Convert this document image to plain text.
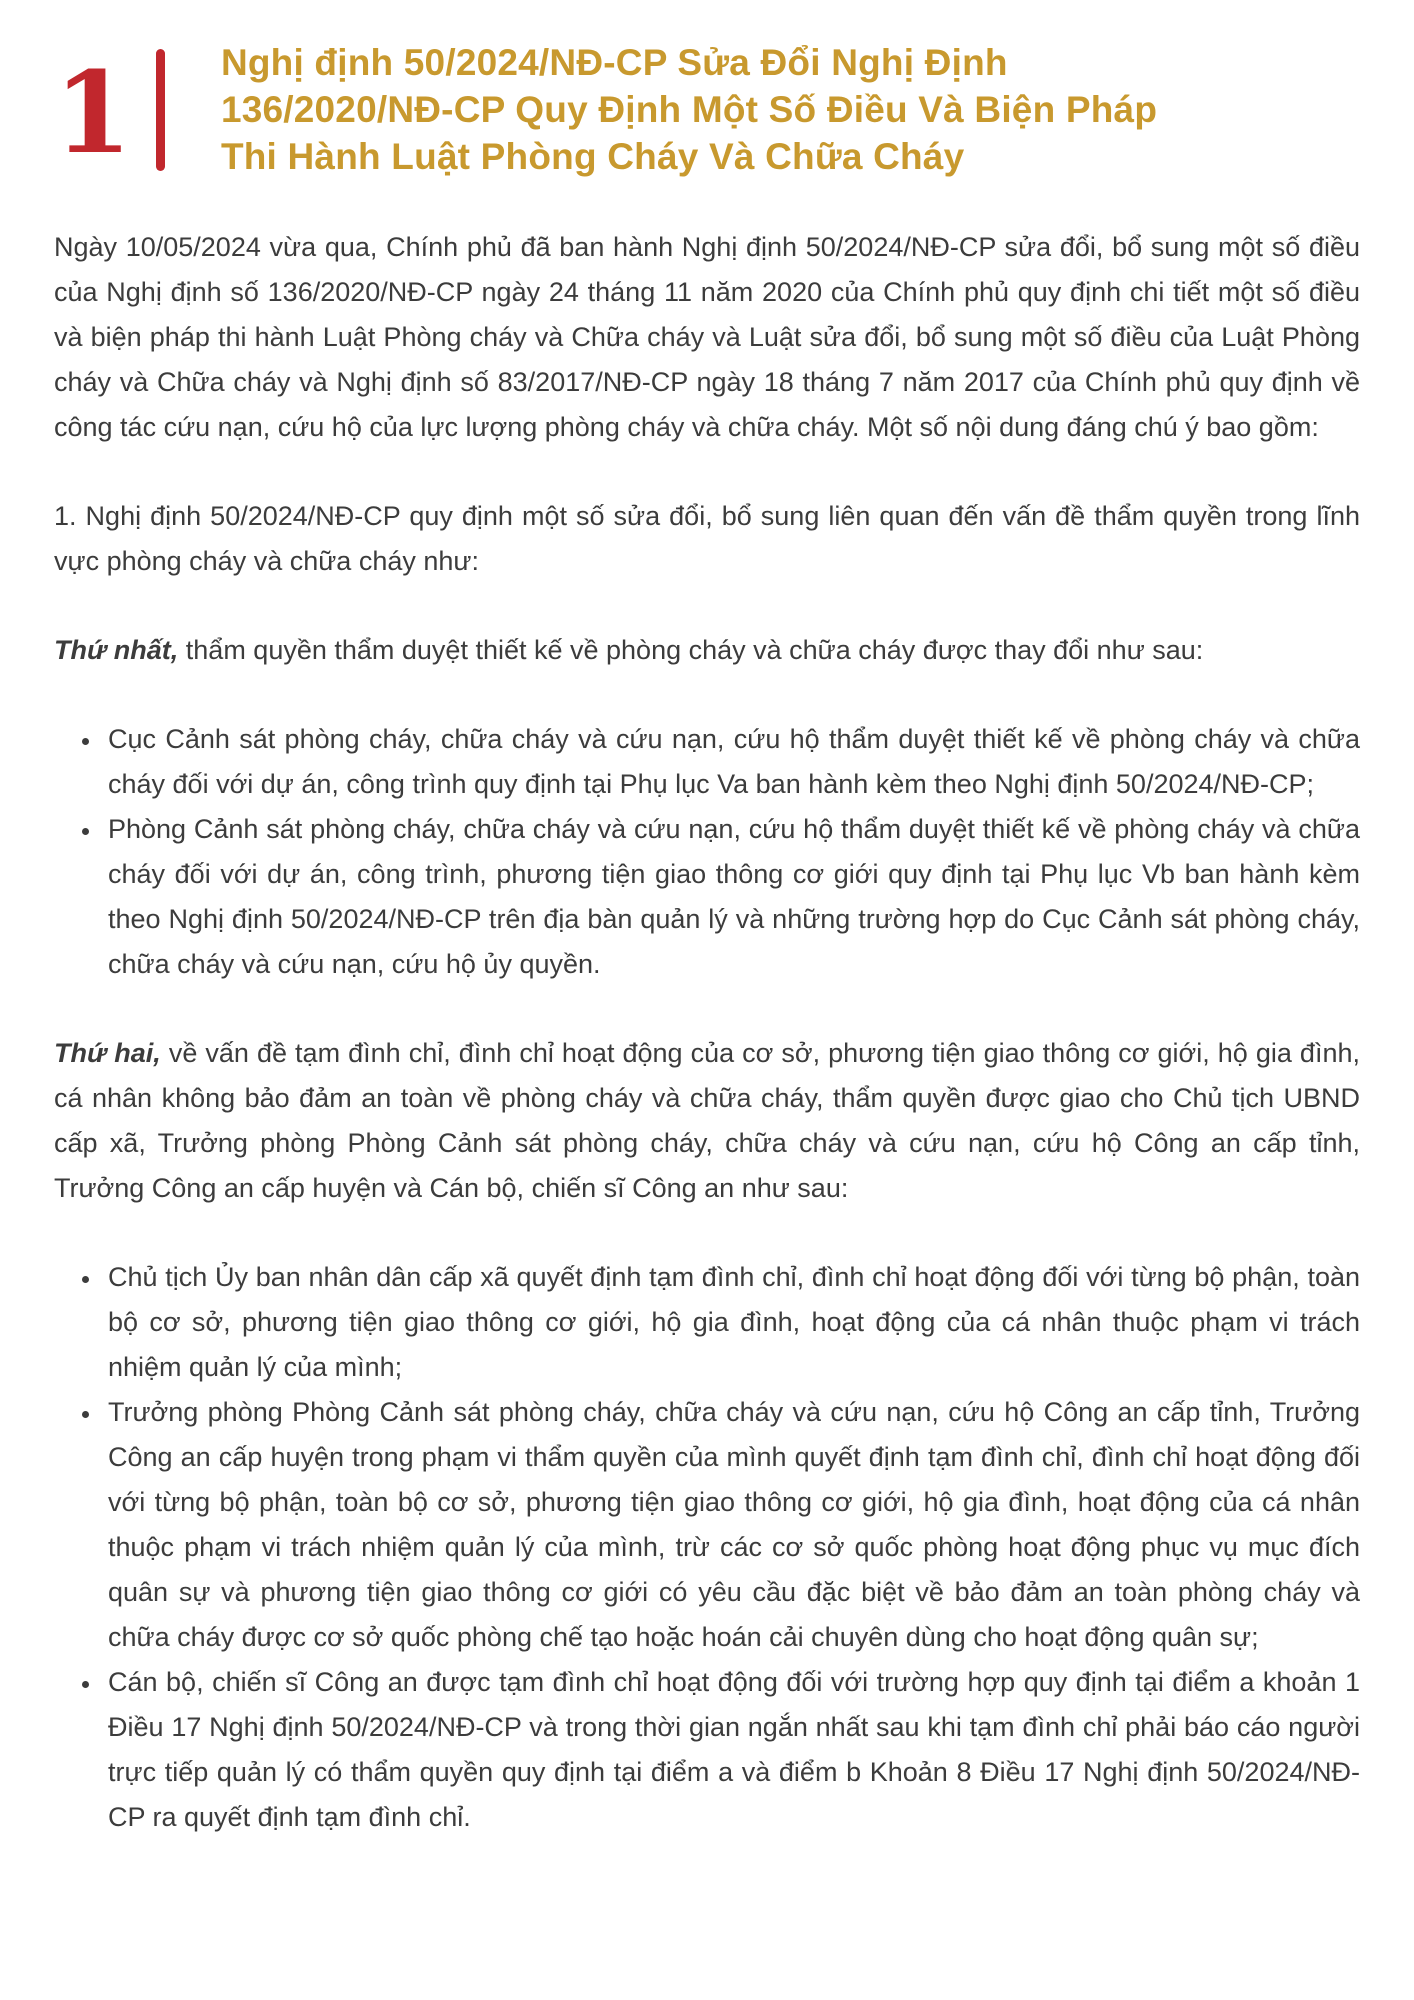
1 Nghị định 50/2024/NĐ-CP Sửa Đổi Nghị Định 136/2020/NĐ-CP Quy Định Một Số Điều Và Biện Pháp Thi Hành Luật Phòng Cháy Và Chữa Cháy

Ngày 10/05/2024 vừa qua, Chính phủ đã ban hành Nghị định 50/2024/NĐ-CP sửa đổi, bổ sung một số điều của Nghị định số 136/2020/NĐ-CP ngày 24 tháng 11 năm 2020 của Chính phủ quy định chi tiết một số điều và biện pháp thi hành Luật Phòng cháy và Chữa cháy và Luật sửa đổi, bổ sung một số điều của Luật Phòng cháy và Chữa cháy và Nghị định số 83/2017/NĐ-CP ngày 18 tháng 7 năm 2017 của Chính phủ quy định về công tác cứu nạn, cứu hộ của lực lượng phòng cháy và chữa cháy. Một số nội dung đáng chú ý bao gồm:

1. Nghị định 50/2024/NĐ-CP quy định một số sửa đổi, bổ sung liên quan đến vấn đề thẩm quyền trong lĩnh vực phòng cháy và chữa cháy như:

Thứ nhất, thẩm quyền thẩm duyệt thiết kế về phòng cháy và chữa cháy được thay đổi như sau:

• Cục Cảnh sát phòng cháy, chữa cháy và cứu nạn, cứu hộ thẩm duyệt thiết kế về phòng cháy và chữa cháy đối với dự án, công trình quy định tại Phụ lục Va ban hành kèm theo Nghị định 50/2024/NĐ-CP;
• Phòng Cảnh sát phòng cháy, chữa cháy và cứu nạn, cứu hộ thẩm duyệt thiết kế về phòng cháy và chữa cháy đối với dự án, công trình, phương tiện giao thông cơ giới quy định tại Phụ lục Vb ban hành kèm theo Nghị định 50/2024/NĐ-CP trên địa bàn quản lý và những trường hợp do Cục Cảnh sát phòng cháy, chữa cháy và cứu nạn, cứu hộ ủy quyền.

Thứ hai, về vấn đề tạm đình chỉ, đình chỉ hoạt động của cơ sở, phương tiện giao thông cơ giới, hộ gia đình, cá nhân không bảo đảm an toàn về phòng cháy và chữa cháy, thẩm quyền được giao cho Chủ tịch UBND cấp xã, Trưởng phòng Phòng Cảnh sát phòng cháy, chữa cháy và cứu nạn, cứu hộ Công an cấp tỉnh, Trưởng Công an cấp huyện và Cán bộ, chiến sĩ Công an như sau:

• Chủ tịch Ủy ban nhân dân cấp xã quyết định tạm đình chỉ, đình chỉ hoạt động đối với từng bộ phận, toàn bộ cơ sở, phương tiện giao thông cơ giới, hộ gia đình, hoạt động của cá nhân thuộc phạm vi trách nhiệm quản lý của mình;
• Trưởng phòng Phòng Cảnh sát phòng cháy, chữa cháy và cứu nạn, cứu hộ Công an cấp tỉnh, Trưởng Công an cấp huyện trong phạm vi thẩm quyền của mình quyết định tạm đình chỉ, đình chỉ hoạt động đối với từng bộ phận, toàn bộ cơ sở, phương tiện giao thông cơ giới, hộ gia đình, hoạt động của cá nhân thuộc phạm vi trách nhiệm quản lý của mình, trừ các cơ sở quốc phòng hoạt động phục vụ mục đích quân sự và phương tiện giao thông cơ giới có yêu cầu đặc biệt về bảo đảm an toàn phòng cháy và chữa cháy được cơ sở quốc phòng chế tạo hoặc hoán cải chuyên dùng cho hoạt động quân sự;
• Cán bộ, chiến sĩ Công an được tạm đình chỉ hoạt động đối với trường hợp quy định tại điểm a khoản 1 Điều 17 Nghị định 50/2024/NĐ-CP và trong thời gian ngắn nhất sau khi tạm đình chỉ phải báo cáo người trực tiếp quản lý có thẩm quyền quy định tại điểm a và điểm b Khoản 8 Điều 17 Nghị định 50/2024/NĐ-CP ra quyết định tạm đình chỉ.
